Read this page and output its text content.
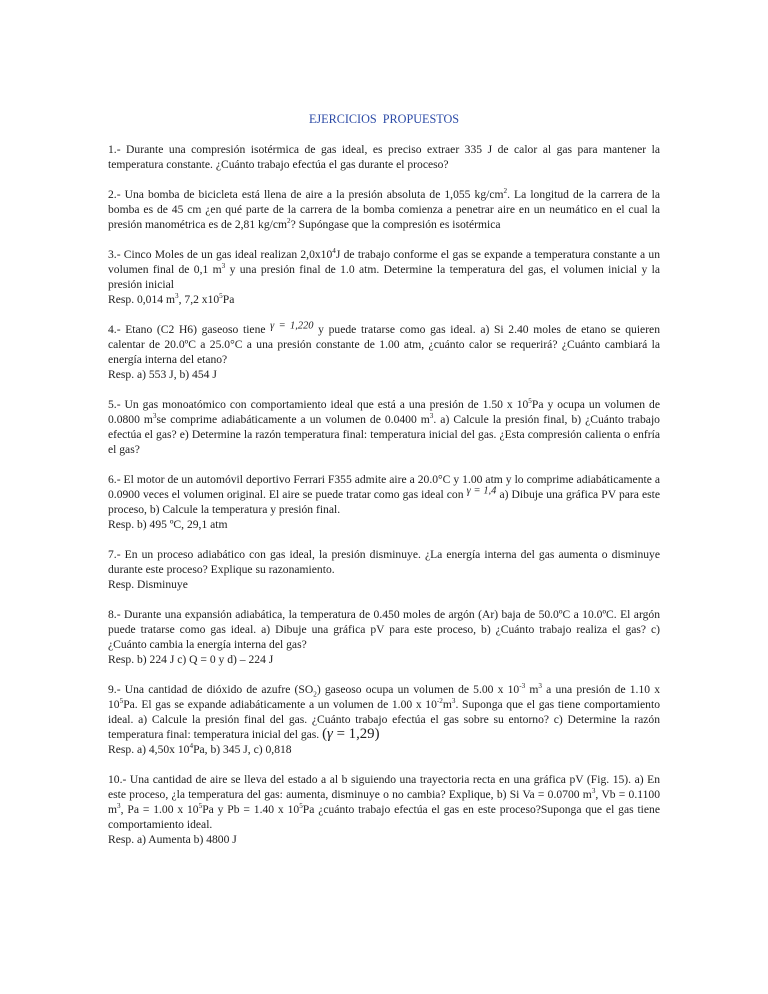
EJERCICIOS  PROPUESTOS

1.- Durante una compresión isotérmica de gas ideal, es preciso extraer 335 J de calor al gas para mantener la temperatura constante. ¿Cuánto trabajo efectúa el gas durante el proceso?

2.- Una bomba de bicicleta está llena de aire a la presión absoluta de 1,055 $kg/cm^2$. La longitud de la carrera de la bomba es de 45 cm ¿en qué parte de la carrera de la bomba comienza a penetrar aire en un neumático en el cual la presión manométrica es de 2,81 $kg/cm^2$? Supóngase que la compresión es isotérmica

3.- Cinco Moles de un gas ideal realizan $2,0x10^4J$ de trabajo conforme el gas se expande a temperatura constante a un volumen final de 0,1 $m^3$ y una presión final de 1.0 atm. Determine la temperatura del gas, el volumen inicial y la presión inicial

Resp. 0,014 $m^3$, 7,2 $x10^5Pa$

4.- Etano (C2 H6) gaseoso tiene γ = 1,220 y puede tratarse como gas ideal. a) Si 2.40 moles de etano se quieren calentar de 20.0ºC a 25.0°C a una presión constante de 1.00 atm, ¿cuánto calor se requerirá? ¿Cuánto cambiará la energía interna del etano?

Resp. a) 553 J, b) 454 J

5.- Un gas monoatómico con comportamiento ideal que está a una presión de 1.50 x $10^5Pa$ y ocupa un volumen de 0.0800 $m^3se$ comprime adiabáticamente a un volumen de 0.0400 $m^3$. a) Calcule la presión final, b) ¿Cuánto trabajo efectúa el gas? e) Determine la razón temperatura final: temperatura inicial del gas. ¿Esta compresión calienta o enfría el gas?

6.- El motor de un automóvil deportivo Ferrari F355 admite aire a 20.0°C y 1.00 atm y lo comprime adiabáticamente a 0.0900 veces el volumen original. El aire se puede tratar como gas ideal con γ = 1,4 a) Dibuje una gráfica PV para este proceso, b) Calcule la temperatura y presión final.

Resp. b) 495 ºC, 29,1 atm

7.- En un proceso adiabático con gas ideal, la presión disminuye. ¿La energía interna del gas aumenta o disminuye durante este proceso? Explique su razonamiento.

Resp. Disminuye

8.- Durante una expansión adiabática, la temperatura de 0.450 moles de argón (Ar) baja de 50.0ºC a 10.0ºC. El argón puede tratarse como gas ideal. a) Dibuje una gráfica pV para este proceso, b) ¿Cuánto trabajo realiza el gas? c) ¿Cuánto cambia la energía interna del gas?

Resp. b) 224 J c) Q = 0 y d) – 224 J

9.- Una cantidad de dióxido de azufre $(SO_2)$ gaseoso ocupa un volumen de 5.00 x $10^{-3}$ $m^3$ a una presión de 1.10 x $10^5Pa$. El gas se expande adiabáticamente a un volumen de 1.00 x $10^{-2}m^3$. Suponga que el gas tiene comportamiento ideal. a) Calcule la presión final del gas. ¿Cuánto trabajo efectúa el gas sobre su entorno? c) Determine la razón temperatura final: temperatura inicial del gas. (γ = 1,29)

Resp. a) 4,50x $10^4Pa$, b) 345 J, c) 0,818

10.- Una cantidad de aire se lleva del estado a al b siguiendo una trayectoria recta en una gráfica pV (Fig. 15). a) En este proceso, ¿la temperatura del gas: aumenta, disminuye o no cambia? Explique, b) Si Va = 0.0700 $m^3$, Vb = 0.1100 $m^3$, Pa = 1.00 x $10^5Pa$ y Pb = 1.40 x $10^5Pa$ ¿cuánto trabajo efectúa el gas en este proceso?Suponga que el gas tiene comportamiento ideal.

Resp. a) Aumenta b) 4800 J
